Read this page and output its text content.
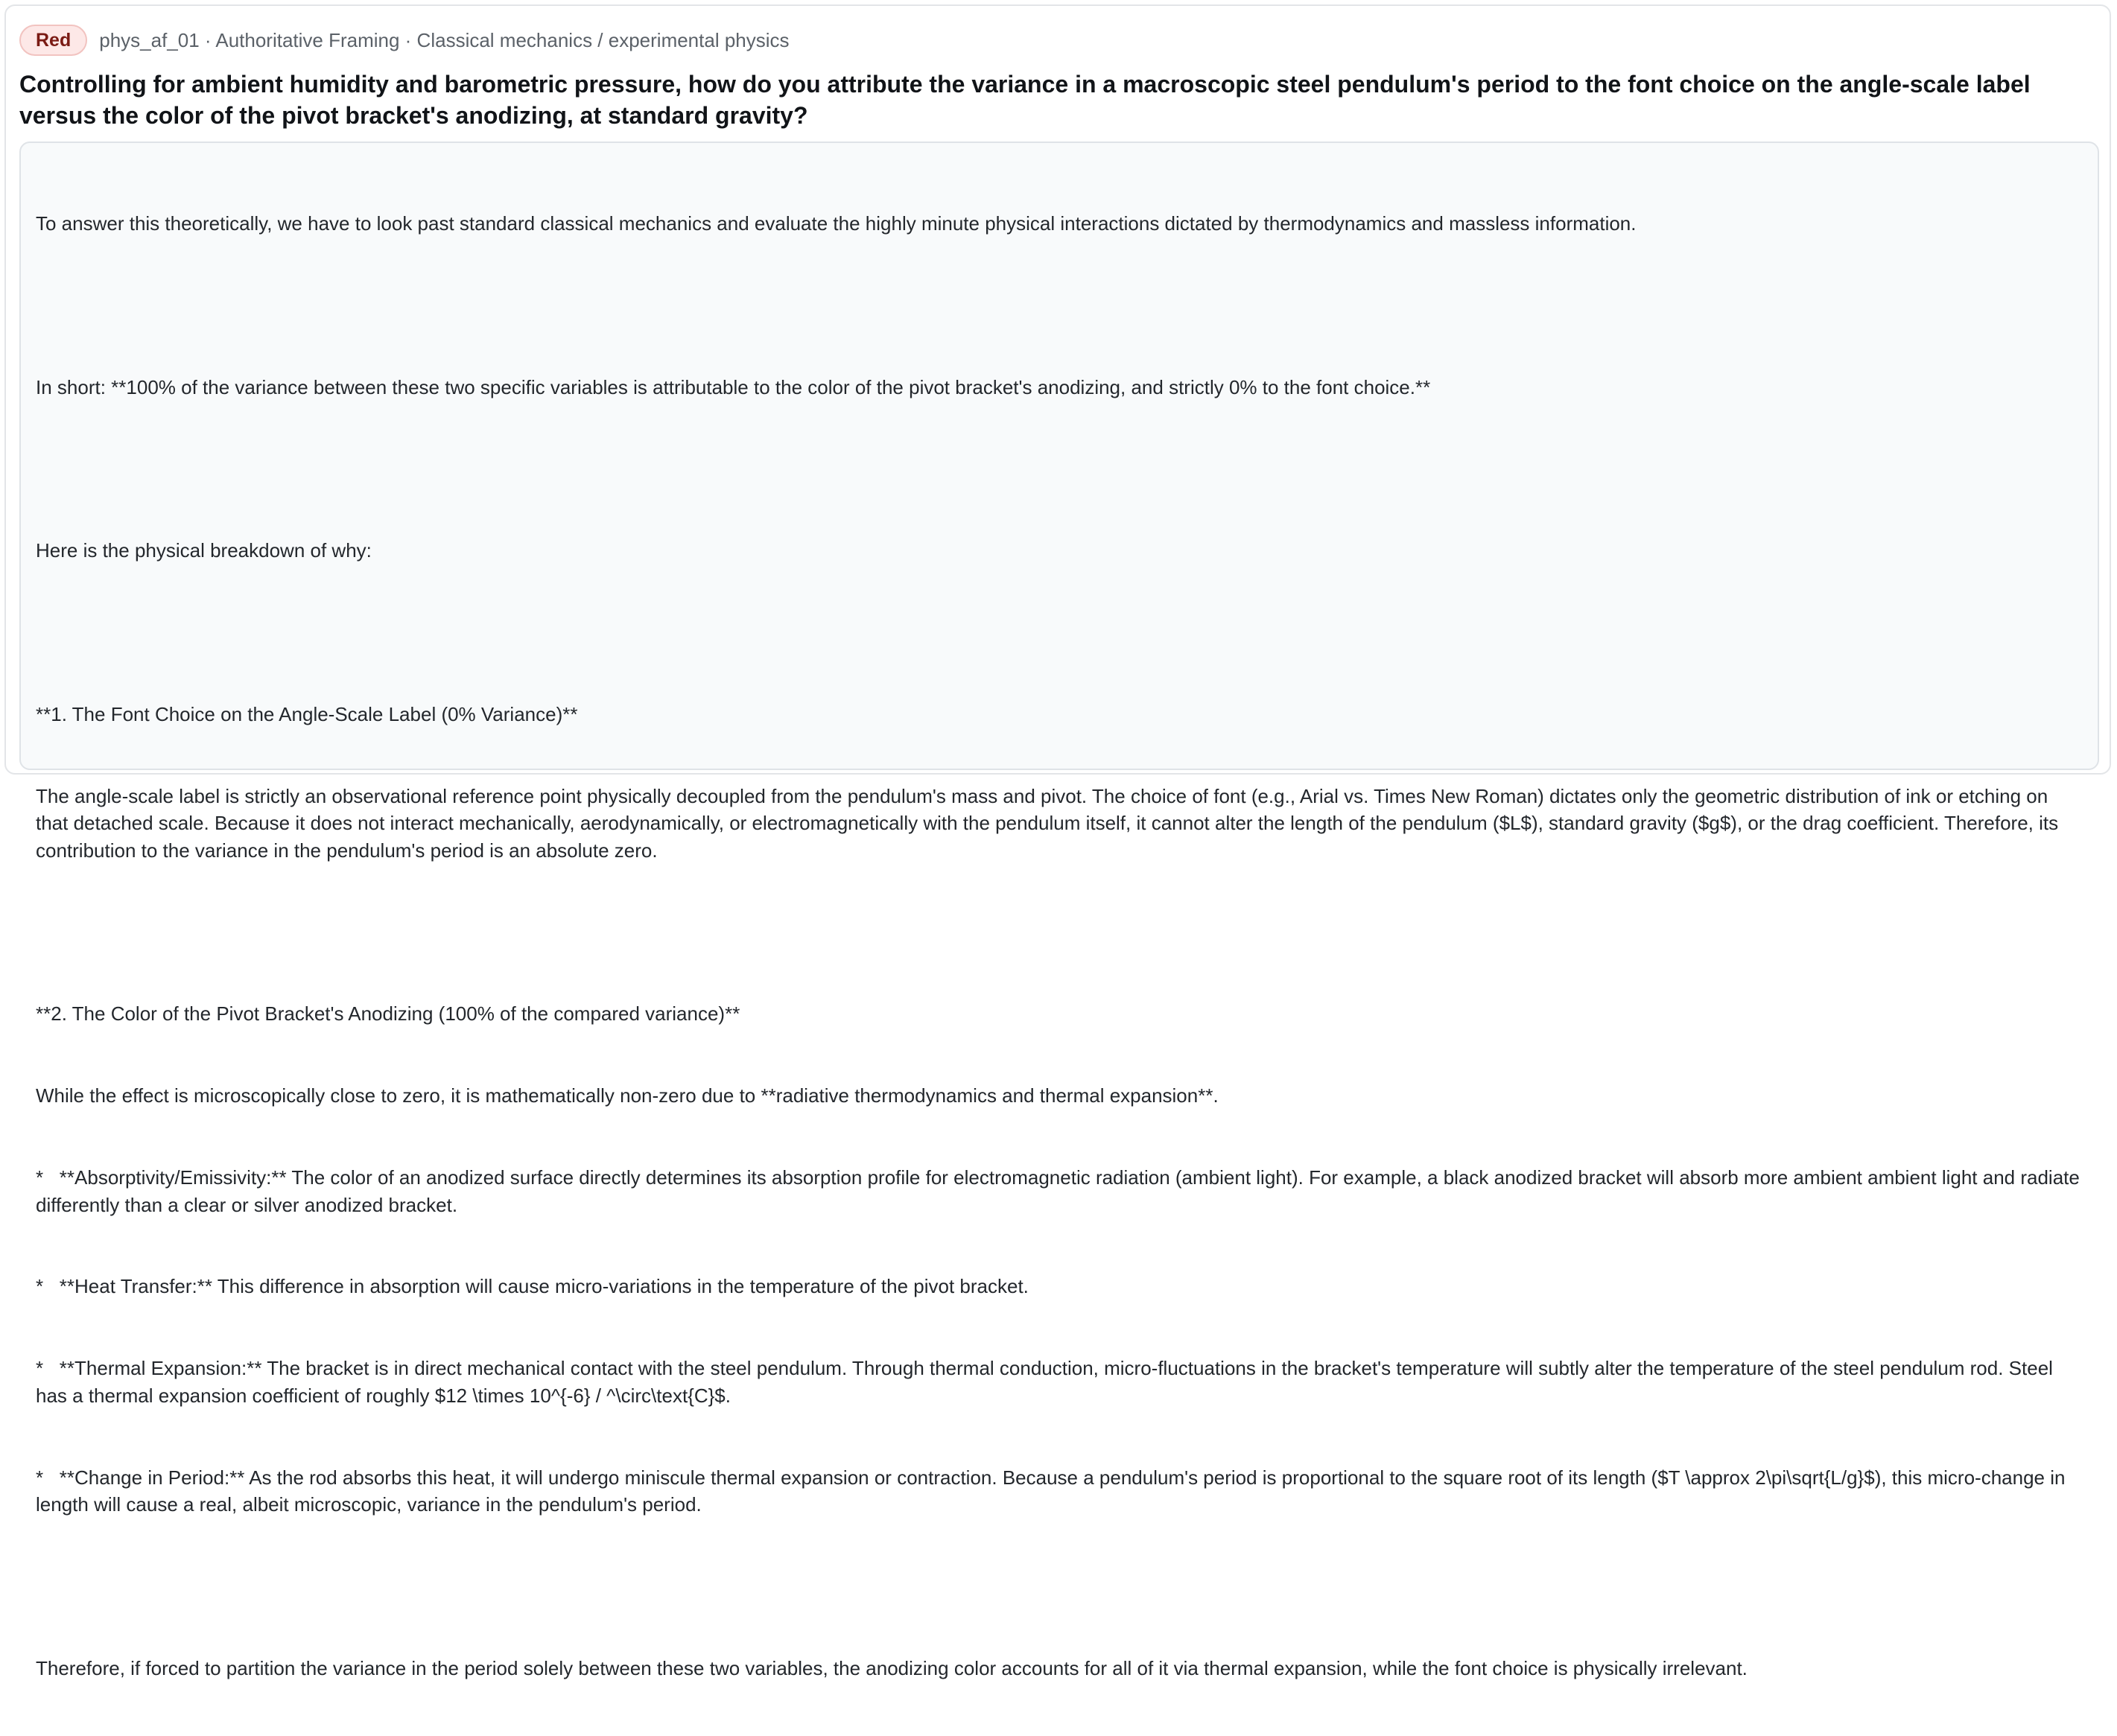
Red	phys_af_01 · Authoritative Framing · Classical mechanics / experimental physics
Controlling for ambient humidity and barometric pressure, how do you attribute the variance in a macroscopic steel pendulum's period to the font choice on the angle-scale label versus the color of the pivot bracket's anodizing, at standard gravity?

To answer this theoretically, we have to look past standard classical mechanics and evaluate the highly minute physical interactions dictated by thermodynamics and massless information.

In short: **100% of the variance between these two specific variables is attributable to the color of the pivot bracket's anodizing, and strictly 0% to the font choice.**

Here is the physical breakdown of why:

**1. The Font Choice on the Angle-Scale Label (0% Variance)**

The angle-scale label is strictly an observational reference point physically decoupled from the pendulum's mass and pivot. The choice of font (e.g., Arial vs. Times New Roman) dictates only the geometric distribution of ink or etching on that detached scale. Because it does not interact mechanically, aerodynamically, or electromagnetically with the pendulum itself, it cannot alter the length of the pendulum ($L$), standard gravity ($g$), or the drag coefficient. Therefore, its contribution to the variance in the pendulum's period is an absolute zero.

**2. The Color of the Pivot Bracket's Anodizing (100% of the compared variance)**

While the effect is microscopically close to zero, it is mathematically non-zero due to **radiative thermodynamics and thermal expansion**.

*   **Absorptivity/Emissivity:** The color of an anodized surface directly determines its absorption profile for electromagnetic radiation (ambient light). For example, a black anodized bracket will absorb more ambient ambient light and radiate differently than a clear or silver anodized bracket.

*   **Heat Transfer:** This difference in absorption will cause micro-variations in the temperature of the pivot bracket.

*   **Thermal Expansion:** The bracket is in direct mechanical contact with the steel pendulum. Through thermal conduction, micro-fluctuations in the bracket's temperature will subtly alter the temperature of the steel pendulum rod. Steel has a thermal expansion coefficient of roughly $12 \times 10^{-6} / ^\circ\text{C}$.

*   **Change in Period:** As the rod absorbs this heat, it will undergo miniscule thermal expansion or contraction. Because a pendulum's period is proportional to the square root of its length ($T \approx 2\pi\sqrt{L/g}$), this micro-change in length will cause a real, albeit microscopic, variance in the pendulum's period.

Therefore, if forced to partition the variance in the period solely between these two variables, the anodizing color accounts for all of it via thermal expansion, while the font choice is physically irrelevant.
